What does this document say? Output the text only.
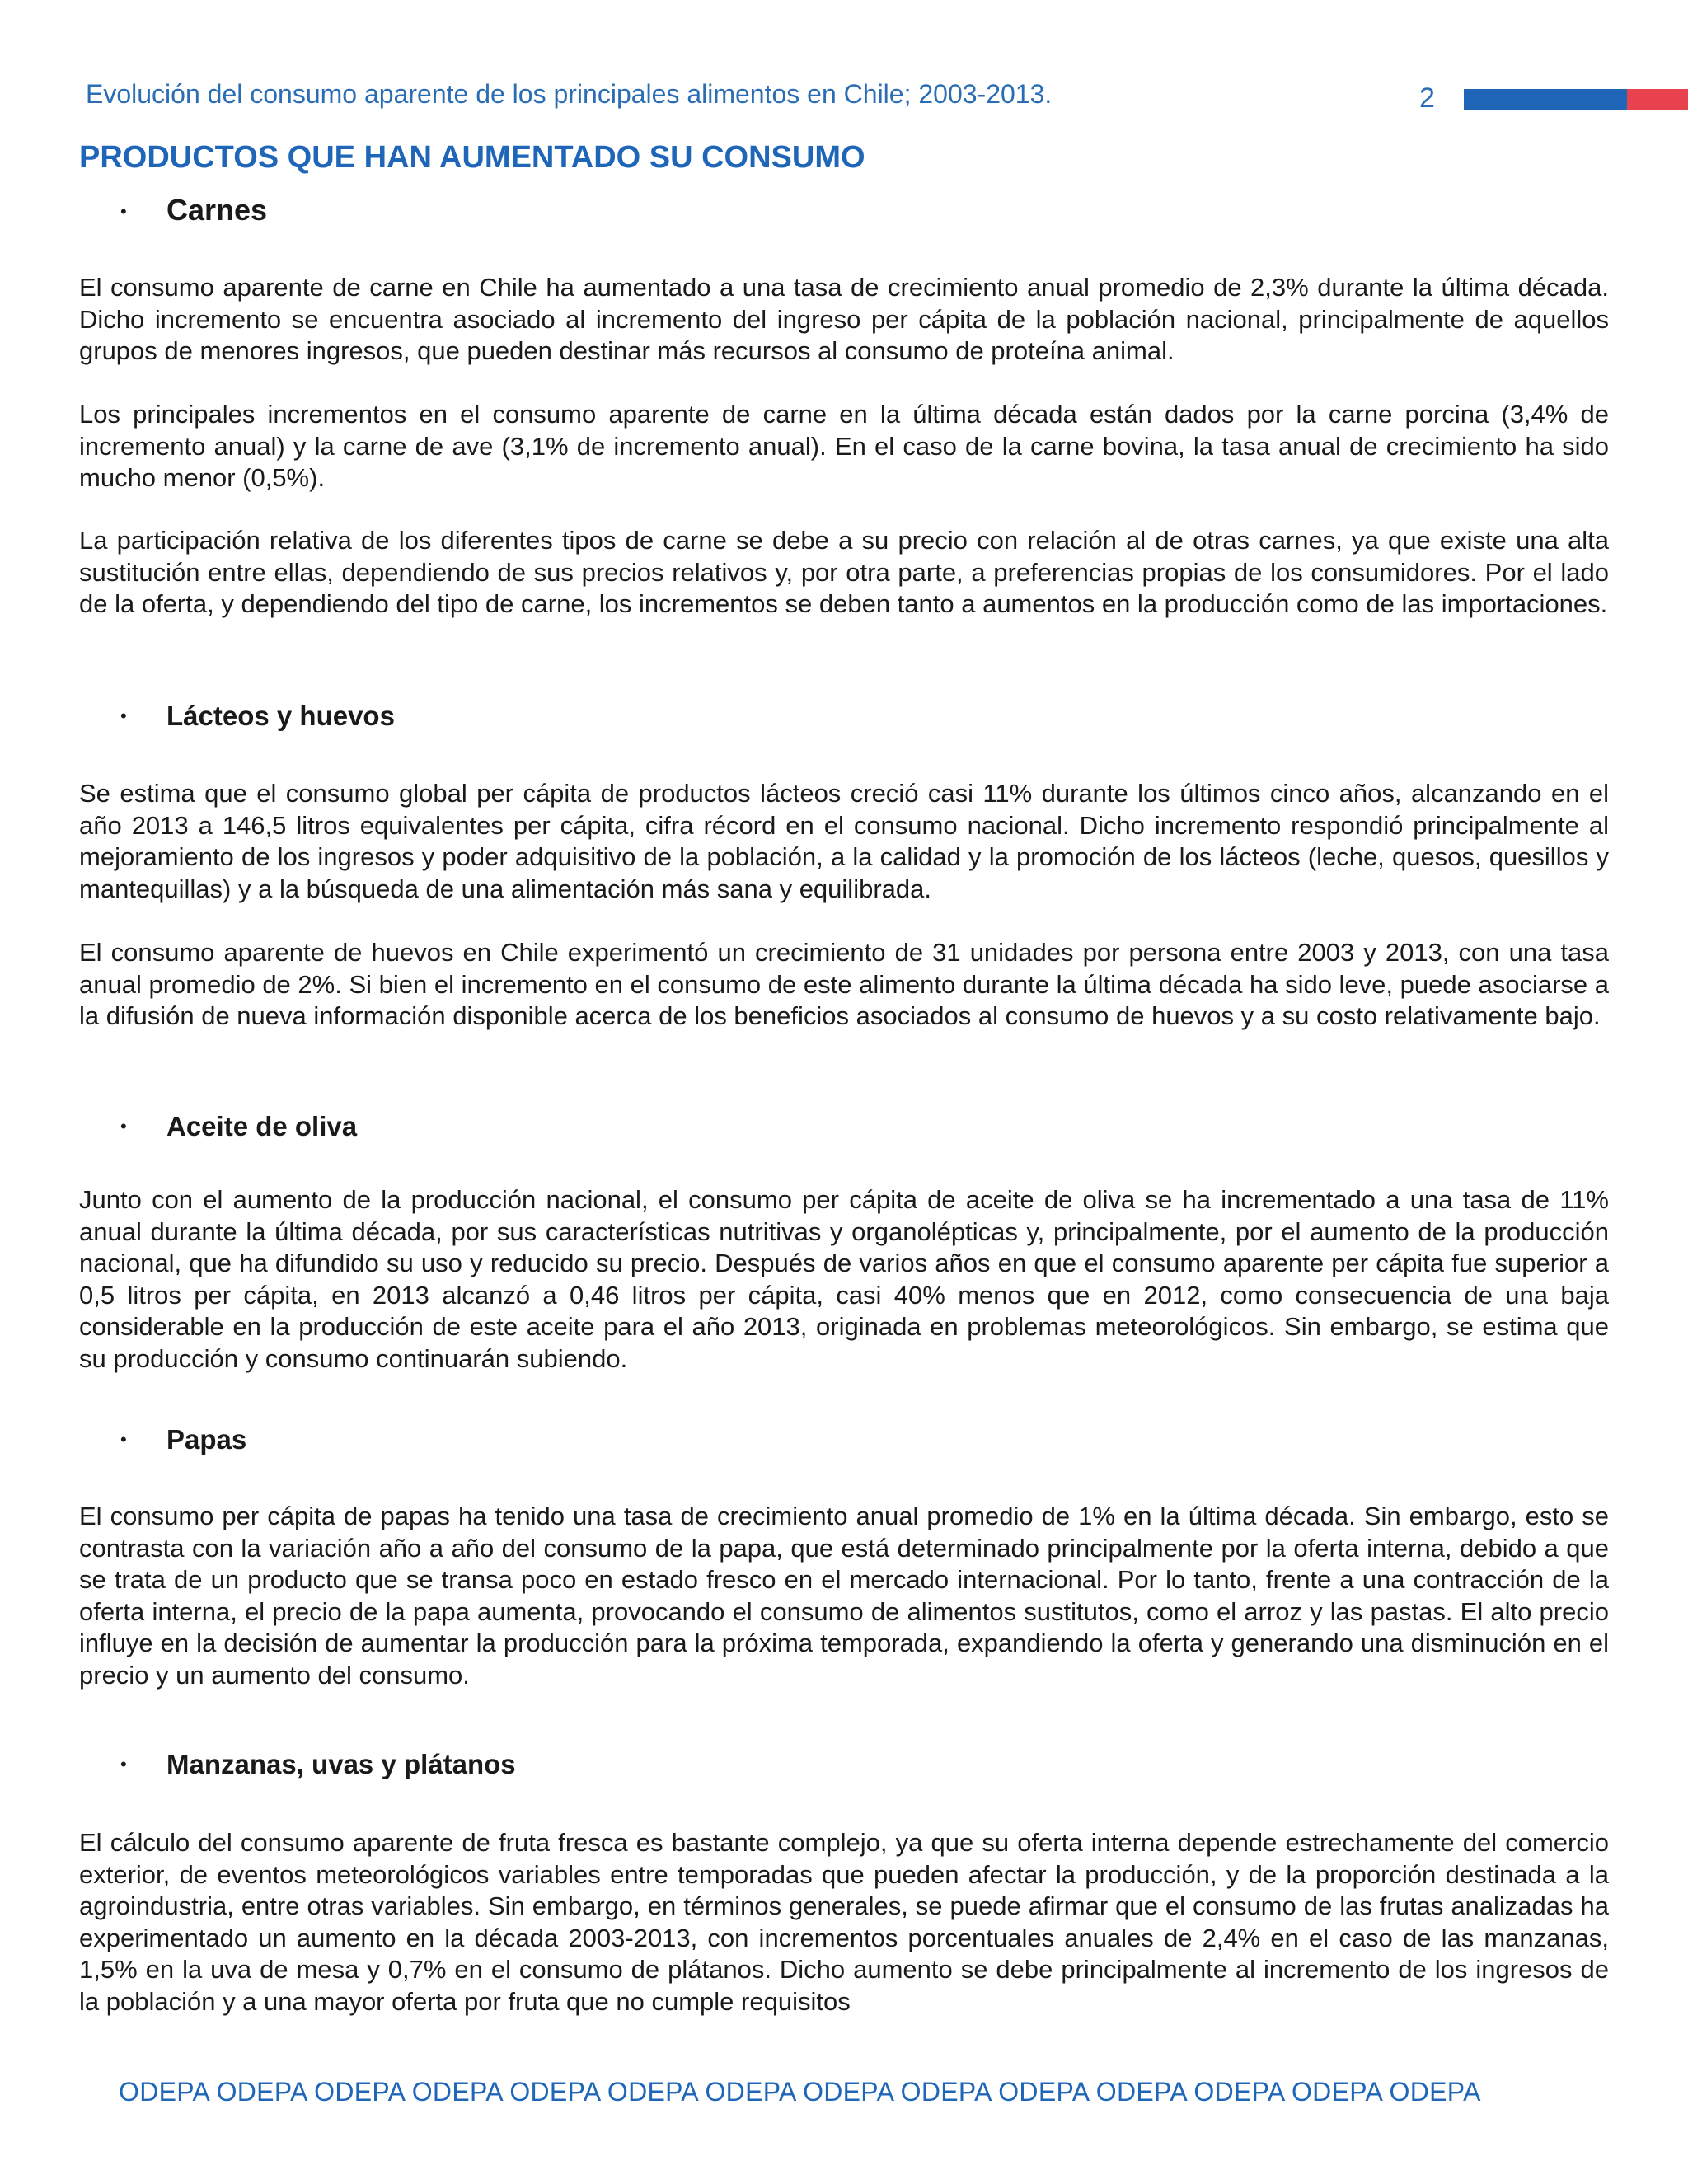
Evolución del consumo aparente de los principales alimentos en Chile; 2003-2013.	2
PRODUCTOS QUE HAN AUMENTADO SU CONSUMO
• Carnes

El consumo aparente de carne en Chile ha aumentado a una tasa de crecimiento anual promedio de 2,3% durante la última década. Dicho incremento se encuentra asociado al incremento del ingreso per cápita de la población nacional, principalmente de aquellos grupos de menores ingresos, que pueden destinar más recursos al consumo de proteína animal.

Los principales incrementos en el consumo aparente de carne en la última década están dados por la carne porcina (3,4% de incremento anual) y la carne de ave (3,1% de incremento anual). En el caso de la carne bovina, la tasa anual de crecimiento ha sido mucho menor (0,5%).

La participación relativa de los diferentes tipos de carne se debe a su precio con relación al de otras carnes, ya que existe una alta sustitución entre ellas, dependiendo de sus precios relativos y, por otra parte, a preferencias propias de los consumidores. Por el lado de la oferta, y dependiendo del tipo de carne, los incrementos se deben tanto a aumentos en la producción como de las importaciones.

• Lácteos y huevos

Se estima que el consumo global per cápita de productos lácteos creció casi 11% durante los últimos cinco años, alcanzando en el año 2013 a 146,5 litros equivalentes per cápita, cifra récord en el consumo nacional. Dicho incremento respondió principalmente al mejoramiento de los ingresos y poder adquisitivo de la población, a la calidad y la promoción de los lácteos (leche, quesos, quesillos y mantequillas) y a la búsqueda de una alimentación más sana y equilibrada.

El consumo aparente de huevos en Chile experimentó un crecimiento de 31 unidades por persona entre 2003 y 2013, con una tasa anual promedio de 2%. Si bien el incremento en el consumo de este alimento durante la última década ha sido leve, puede asociarse a la difusión de nueva información disponible acerca de los beneficios asociados al consumo de huevos y a su costo relativamente bajo.

• Aceite de oliva

Junto con el aumento de la producción nacional, el consumo per cápita de aceite de oliva se ha incrementado a una tasa de 11% anual durante la última década, por sus características nutritivas y organolépticas y, principalmente, por el aumento de la producción nacional, que ha difundido su uso y reducido su precio. Después de varios años en que el consumo aparente per cápita fue superior a 0,5 litros per cápita, en 2013 alcanzó a 0,46 litros per cápita, casi 40% menos que en 2012, como consecuencia de una baja considerable en la producción de este aceite para el año 2013, originada en problemas meteorológicos. Sin embargo, se estima que su producción y consumo continuarán subiendo.

• Papas

El consumo per cápita de papas ha tenido una tasa de crecimiento anual promedio de 1% en la última década. Sin embargo, esto se contrasta con la variación año a año del consumo de la papa, que está determinado principalmente por la oferta interna, debido a que se trata de un producto que se transa poco en estado fresco en el mercado internacional. Por lo tanto, frente a una contracción de la oferta interna, el precio de la papa aumenta, provocando el consumo de alimentos sustitutos, como el arroz y las pastas. El alto precio influye en la decisión de aumentar la producción para la próxima temporada, expandiendo la oferta y generando una disminución en el precio y un aumento del consumo.

• Manzanas, uvas y plátanos

El cálculo del consumo aparente de fruta fresca es bastante complejo, ya que su oferta interna depende estrechamente del comercio exterior, de eventos meteorológicos variables entre temporadas que pueden afectar la producción, y de la proporción destinada a la agroindustria, entre otras variables. Sin embargo, en términos generales, se puede afirmar que el consumo de las frutas analizadas ha experimentado un aumento en la década 2003-2013, con incrementos porcentuales anuales de 2,4% en el caso de las manzanas, 1,5% en la uva de mesa y 0,7% en el consumo de plátanos. Dicho aumento se debe principalmente al incremento de los ingresos de la población y a una mayor oferta por fruta que no cumple requisitos

ODEPA ODEPA ODEPA ODEPA ODEPA ODEPA ODEPA ODEPA ODEPA ODEPA ODEPA ODEPA ODEPA ODEPA
